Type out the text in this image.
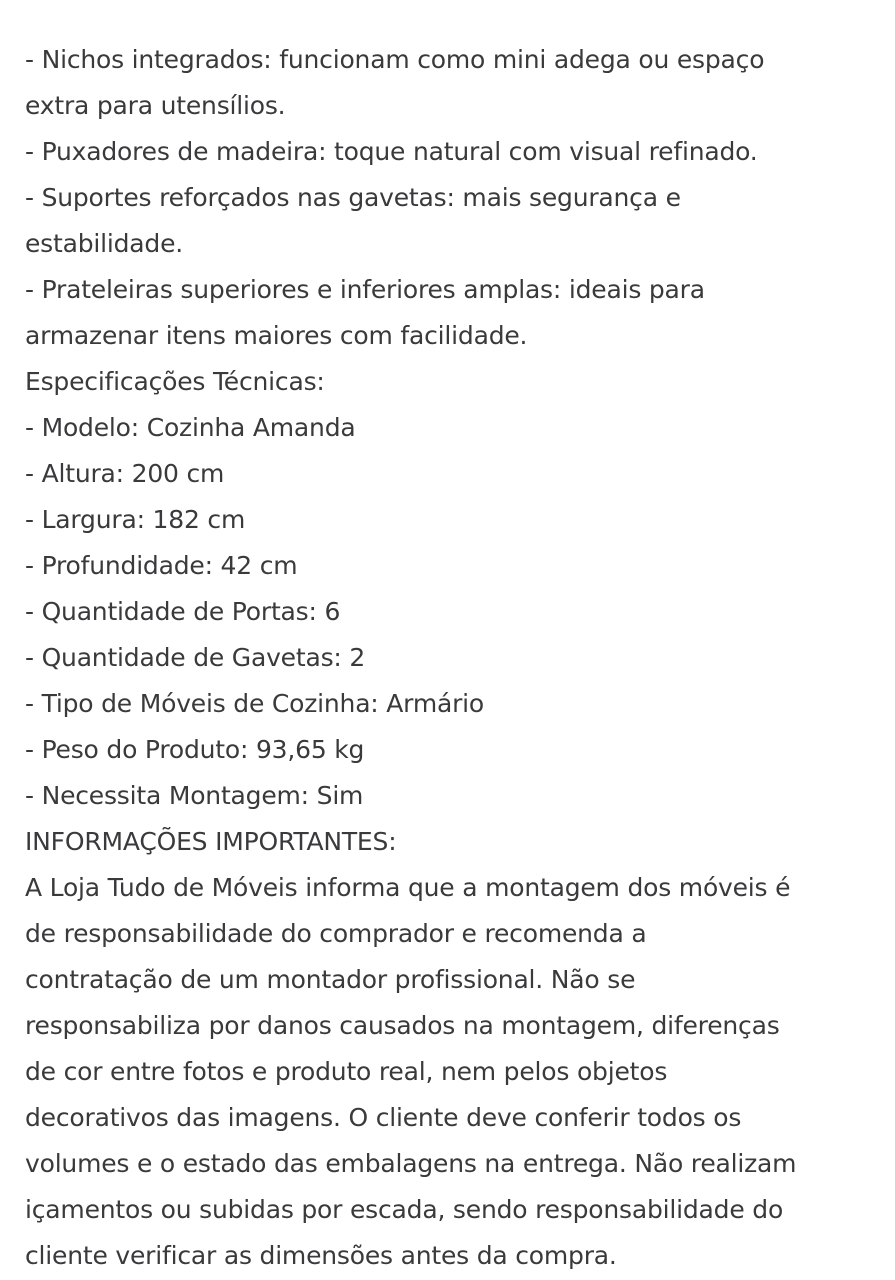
- Nichos integrados: funcionam como mini adega ou espaço
extra para utensílios.
- Puxadores de madeira: toque natural com visual refinado.
- Suportes reforçados nas gavetas: mais segurança e
estabilidade.
- Prateleiras superiores e inferiores amplas: ideais para
armazenar itens maiores com facilidade.
Especificações Técnicas:
- Modelo: Cozinha Amanda
- Altura: 200 cm
- Largura: 182 cm
- Profundidade: 42 cm
- Quantidade de Portas: 6
- Quantidade de Gavetas: 2
- Tipo de Móveis de Cozinha: Armário
- Peso do Produto: 93,65 kg
- Necessita Montagem: Sim
INFORMAÇÕES IMPORTANTES:
A Loja Tudo de Móveis informa que a montagem dos móveis é
de responsabilidade do comprador e recomenda a
contratação de um montador profissional. Não se
responsabiliza por danos causados na montagem, diferenças
de cor entre fotos e produto real, nem pelos objetos
decorativos das imagens. O cliente deve conferir todos os
volumes e o estado das embalagens na entrega. Não realizam
içamentos ou subidas por escada, sendo responsabilidade do
cliente verificar as dimensões antes da compra.
